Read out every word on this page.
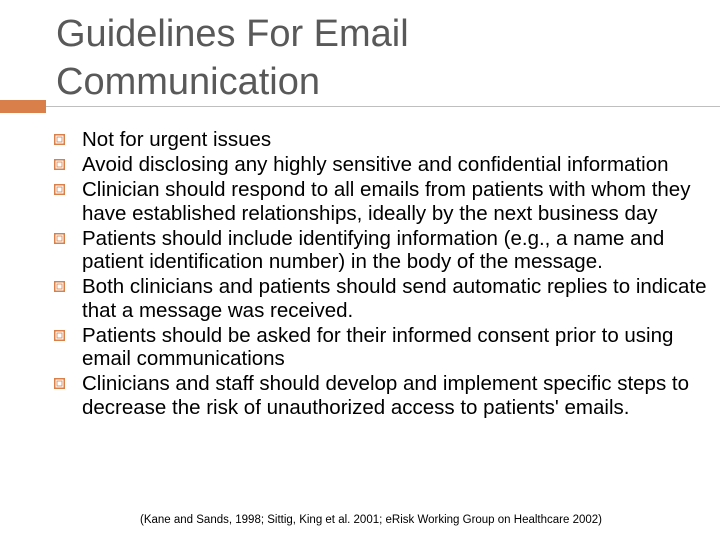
Guidelines For Email Communication
Not for urgent issues
Avoid disclosing any highly sensitive and confidential information
Clinician should respond to all emails from patients with whom they have established relationships, ideally by the next business day
Patients should include identifying information (e.g., a name and patient identification number) in the body of the message.
Both clinicians and patients should send automatic replies to indicate that a message was received.
Patients should be asked for their informed consent prior to using email communications
Clinicians and staff should develop and implement specific steps to decrease the risk of unauthorized access to patients' emails.
(Kane and Sands, 1998; Sittig, King et al. 2001; eRisk Working Group on Healthcare 2002)
